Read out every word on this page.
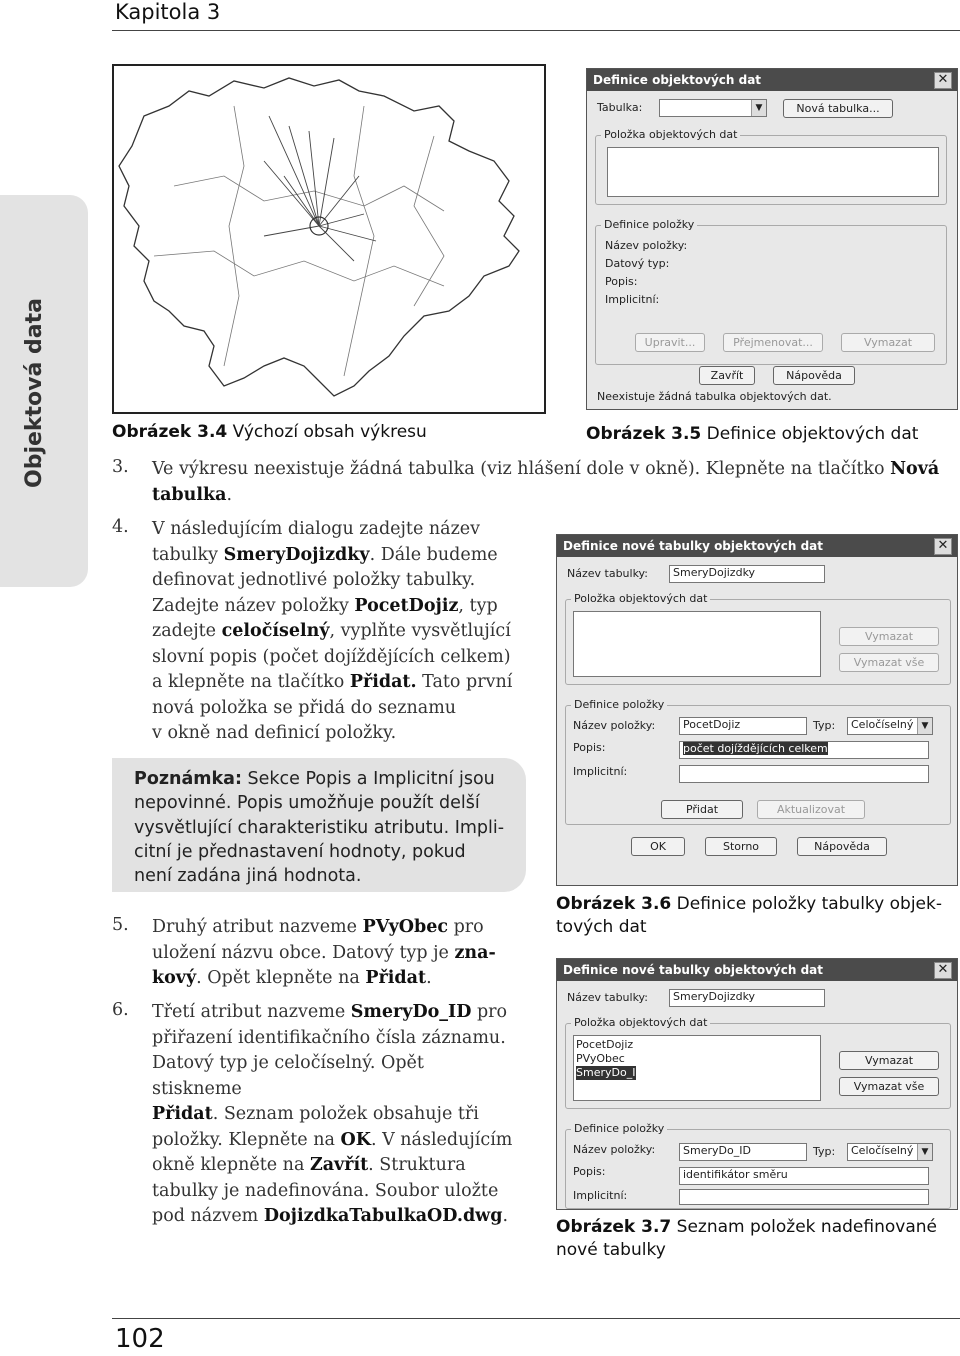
Kapitola 3
Objektová data	Obrázek 3.4 Výchozí obsah výkresu
Definice objektových dat	✕
Tabulka:	▼	Nová tabulka...
Položka objektových dat
Definice položky
Název položky:
Datový typ:
Popis:
Implicitní:
Upravit...	Přejmenovat...	Vymazat
Zavřít	Nápověda
Neexistuje žádná tabulka objektových dat.
Obrázek 3.5 Definice objektových dat
3. Ve výkresu neexistuje žádná tabulka (viz hlášení dole v okně). Klepněte na tlačítko Nová
tabulka.
4. V následujícím dialogu zadejte název
tabulky SmeryDojizdky. Dále budeme
definovat jednotlivé položky tabulky.
Zadejte název položky PocetDojiz, typ
zadejte celočíselný, vyplňte vysvětlující
slovní popis (počet dojíždějících celkem)
a klepněte na tlačítko Přidat. Tato první
nová položka se přidá do seznamu
v okně nad definicí položky.
Definice nové tabulky objektových dat	✕
Název tabulky:	SmeryDojizdky
Položka objektových dat
Vymazat
Vymazat vše
Definice položky
Název položky:	PocetDojiz	Typ:	Celočíselný ▼
Popis:	počet dojíždějících celkem
Implicitní:
Přidat	Aktualizovat
OK	Storno	Nápověda
Poznámka: Sekce Popis a Implicitní jsou
nepovinné. Popis umožňuje použít delší
vysvětlující charakteristiku atributu. Impli-
citní je přednastavení hodnoty, pokud
není zadána jiná hodnota.
Obrázek 3.6 Definice položky tabulky objek-
tových dat
5. Druhý atribut nazveme PVyObec pro
uložení názvu obce. Datový typ je zna-
kový. Opět klepněte na Přidat.
6. Třetí atribut nazveme SmeryDo_ID pro
přiřazení identifikačního čísla záznamu.
Datový typ je celočíselný. Opět stiskneme
Přidat. Seznam položek obsahuje tři
položky. Klepněte na OK. V následujícím
okně klepněte na Zavřít. Struktura
tabulky je nadefinována. Soubor uložte
pod názvem DojizdkaTabulkaOD.dwg.
Definice nové tabulky objektových dat	✕
Název tabulky:	SmeryDojizdky
Položka objektových dat
PocetDojiz
PVyObec
SmeryDo_ID
Vymazat
Vymazat vše
Definice položky
Název položky:	SmeryDo_ID	Typ:	Celočíselný ▼
Popis:	identifikátor směru
Implicitní:
Obrázek 3.7 Seznam položek nadefinované
nové tabulky
102
